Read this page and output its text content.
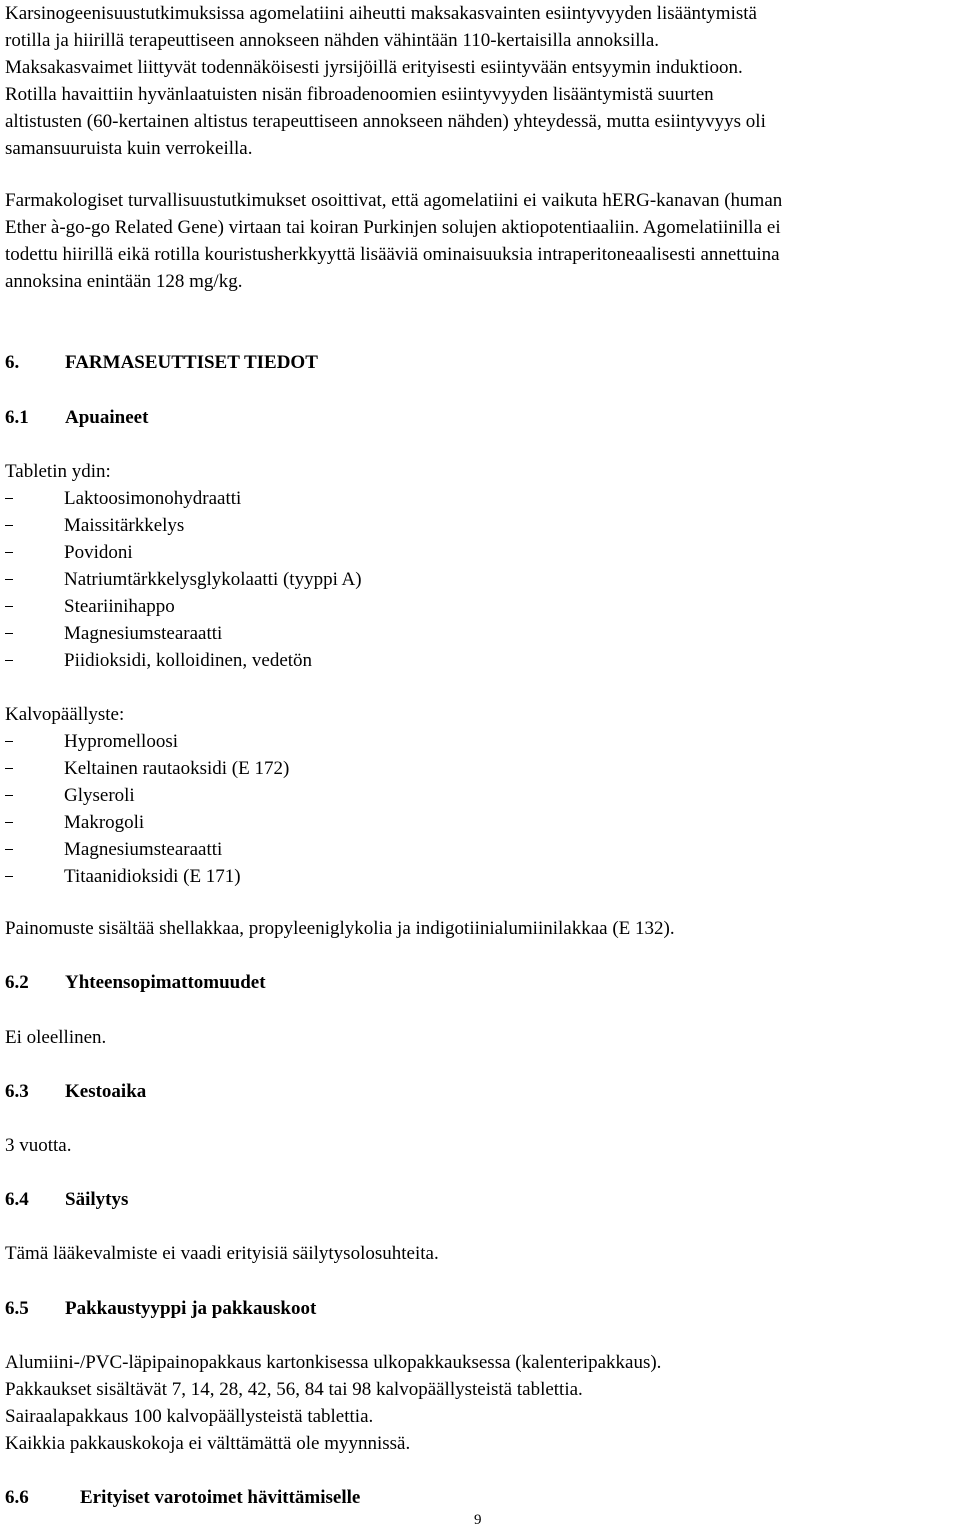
Karsinogeenisuustutkimuksissa agomelatiini aiheutti maksakasvainten esiintyvyyden lisääntymistä
rotilla ja hiirillä terapeuttiseen annokseen nähden vähintään 110-kertaisilla annoksilla.
Maksakasvaimet liittyvät todennäköisesti jyrsijöillä erityisesti esiintyvään entsyymin induktioon.
Rotilla havaittiin hyvänlaatuisten nisän fibroadenoomien esiintyvyyden lisääntymistä suurten
altistusten (60-kertainen altistus terapeuttiseen annokseen nähden) yhteydessä, mutta esiintyvyys oli
samansuuruista kuin verrokeilla.

Farmakologiset turvallisuustutkimukset osoittivat, että agomelatiini ei vaikuta hERG-kanavan (human
Ether à-go-go Related Gene) virtaan tai koiran Purkinjen solujen aktiopotentiaaliin. Agomelatiinilla ei
todettu hiirillä eikä rotilla kouristusherkkyyttä lisääviä ominaisuuksia intraperitoneaalisesti annettuina
annoksina enintään 128 mg/kg.

6. FARMASEUTTISET TIEDOT

6.1 Apuaineet

Tabletin ydin:

Laktoosimonohydraatti
Maissitärkkelys
Povidoni
Natriumtärkkelysglykolaatti (tyyppi A)
Steariinihappo
Magnesiumstearaatti
Piidioksidi, kolloidinen, vedetön

Kalvopäällyste:

Hypromelloosi
Keltainen rautaoksidi (E 172)
Glyseroli
Makrogoli
Magnesiumstearaatti
Titaanidioksidi (E 171)

Painomuste sisältää shellakkaa, propyleeniglykolia ja indigotiinialumiinilakkaa (E 132).

6.2 Yhteensopimattomuudet

Ei oleellinen.

6.3 Kestoaika

3 vuotta.

6.4 Säilytys

Tämä lääkevalmiste ei vaadi erityisiä säilytysolosuhteita.

6.5 Pakkaustyyppi ja pakkauskoot

Alumiini-/PVC-läpipainopakkaus kartonkisessa ulkopakkauksessa (kalenteripakkaus).
Pakkaukset sisältävät 7, 14, 28, 42, 56, 84 tai 98 kalvopäällysteistä tablettia.
Sairaalapakkaus 100 kalvopäällysteistä tablettia.
Kaikkia pakkauskokoja ei välttämättä ole myynnissä.

6.6	Erityiset varotoimet hävittämiselle

9
